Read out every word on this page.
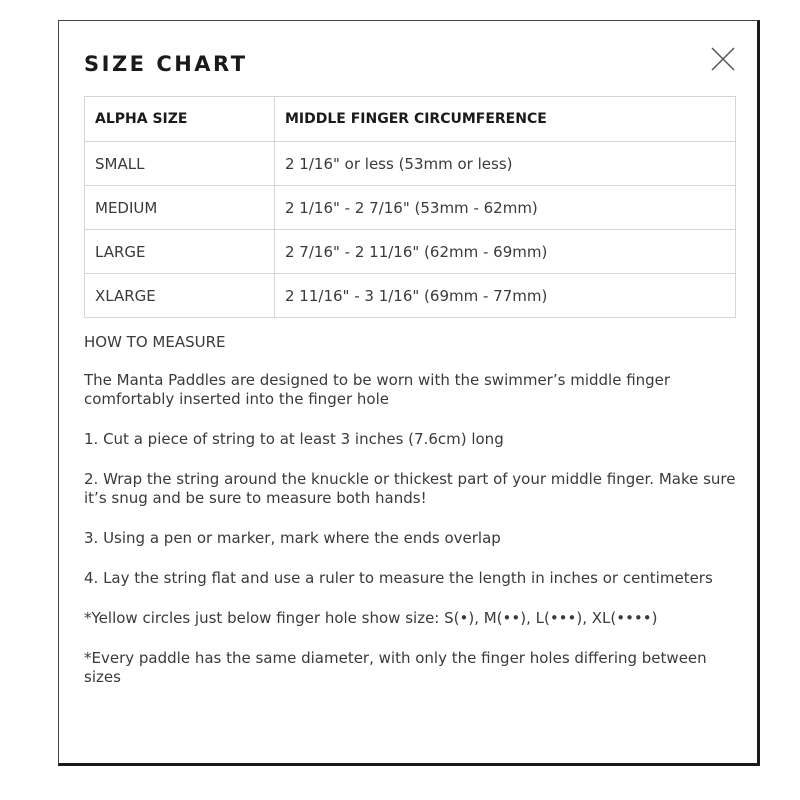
SIZE CHART
ALPHA SIZE	MIDDLE FINGER CIRCUMFERENCE
SMALL	2 1/16" or less (53mm or less)
MEDIUM	2 1/16" - 2 7/16" (53mm - 62mm)
LARGE	2 7/16" - 2 11/16" (62mm - 69mm)
XLARGE	2 11/16" - 3 1/16" (69mm - 77mm)

HOW TO MEASURE

The Manta Paddles are designed to be worn with the swimmer’s middle finger comfortably inserted into the finger hole

1. Cut a piece of string to at least 3 inches (7.6cm) long

2. Wrap the string around the knuckle or thickest part of your middle finger. Make sure it’s snug and be sure to measure both hands!

3. Using a pen or marker, mark where the ends overlap

4. Lay the string flat and use a ruler to measure the length in inches or centimeters

*Yellow circles just below finger hole show size: S(•), M(••), L(•••), XL(••••)

*Every paddle has the same diameter, with only the finger holes differing between sizes
